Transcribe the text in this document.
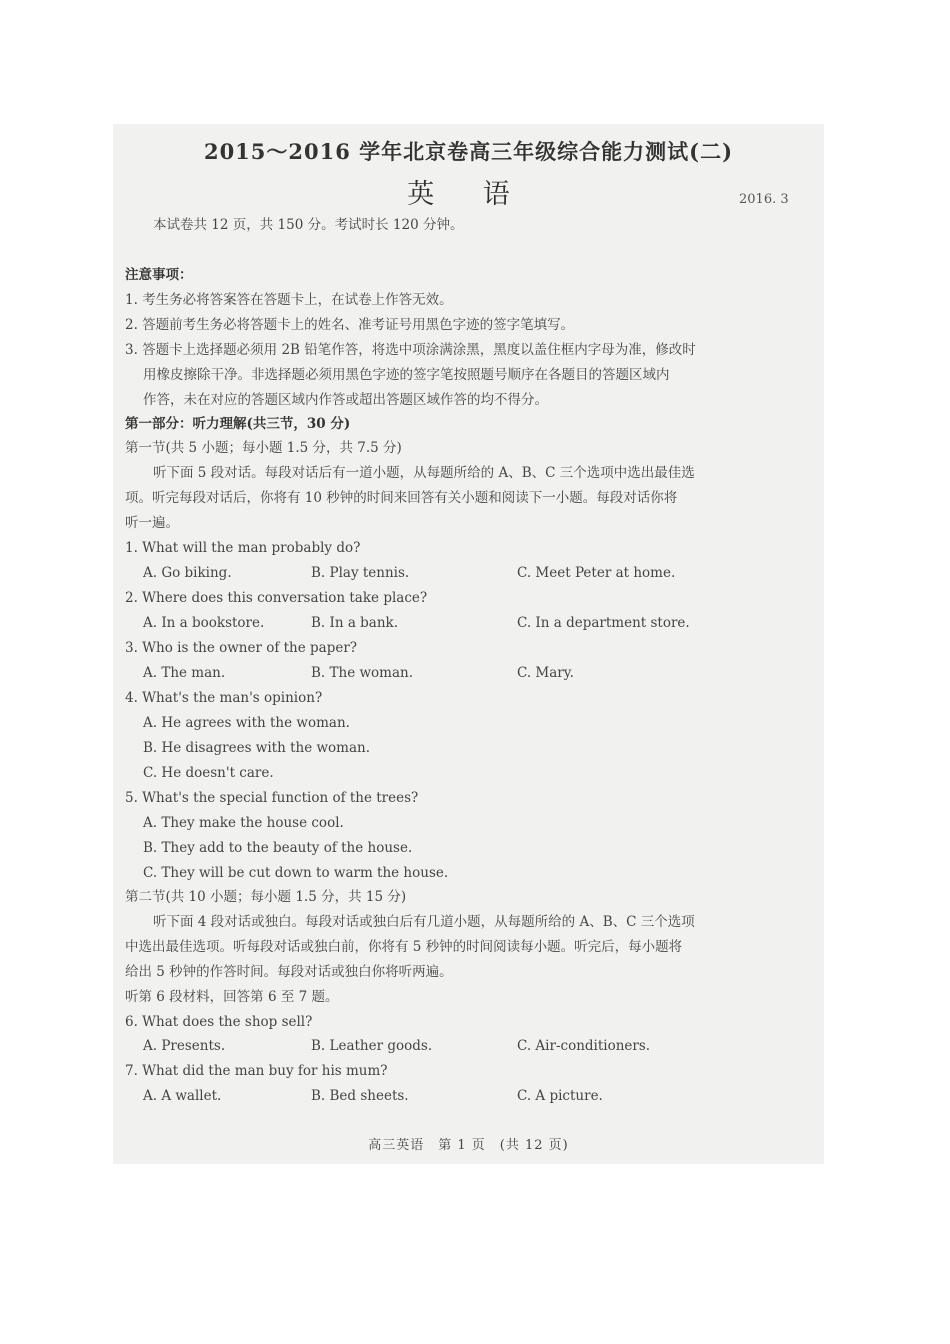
2015～2016 学年北京卷高三年级综合能力测试(二)
英 语	2016. 3
本试卷共 12 页，共 150 分。考试时长 120 分钟。
注意事项：
1. 考生务必将答案答在答题卡上，在试卷上作答无效。
2. 答题前考生务必将答题卡上的姓名、准考证号用黑色字迹的签字笔填写。
3. 答题卡上选择题必须用 2B 铅笔作答，将选中项涂满涂黑，黑度以盖住框内字母为准，修改时
用橡皮擦除干净。非选择题必须用黑色字迹的签字笔按照题号顺序在各题目的答题区域内
作答，未在对应的答题区域内作答或超出答题区域作答的均不得分。
第一部分：听力理解(共三节，30 分)
第一节(共 5 小题；每小题 1.5 分，共 7.5 分)
听下面 5 段对话。每段对话后有一道小题，从每题所给的 A、B、C 三个选项中选出最佳选
项。听完每段对话后，你将有 10 秒钟的时间来回答有关小题和阅读下一小题。每段对话你将
听一遍。
1. What will the man probably do?
A. Go biking.	B. Play tennis.	C. Meet Peter at home.
2. Where does this conversation take place?
A. In a bookstore.	B. In a bank.	C. In a department store.
3. Who is the owner of the paper?
A. The man.	B. The woman.	C. Mary.
4. What's the man's opinion?
A. He agrees with the woman.
B. He disagrees with the woman.
C. He doesn't care.
5. What's the special function of the trees?
A. They make the house cool.
B. They add to the beauty of the house.
C. They will be cut down to warm the house.
第二节(共 10 小题；每小题 1.5 分，共 15 分)
听下面 4 段对话或独白。每段对话或独白后有几道小题，从每题所给的 A、B、C 三个选项
中选出最佳选项。听每段对话或独白前，你将有 5 秒钟的时间阅读每小题。听完后，每小题将
给出 5 秒钟的作答时间。每段对话或独白你将听两遍。
听第 6 段材料，回答第 6 至 7 题。
6. What does the shop sell?
A. Presents.	B. Leather goods.	C. Air-conditioners.
7. What did the man buy for his mum?
A. A wallet.	B. Bed sheets.	C. A picture.
高三英语　第 1 页　(共 12 页)
